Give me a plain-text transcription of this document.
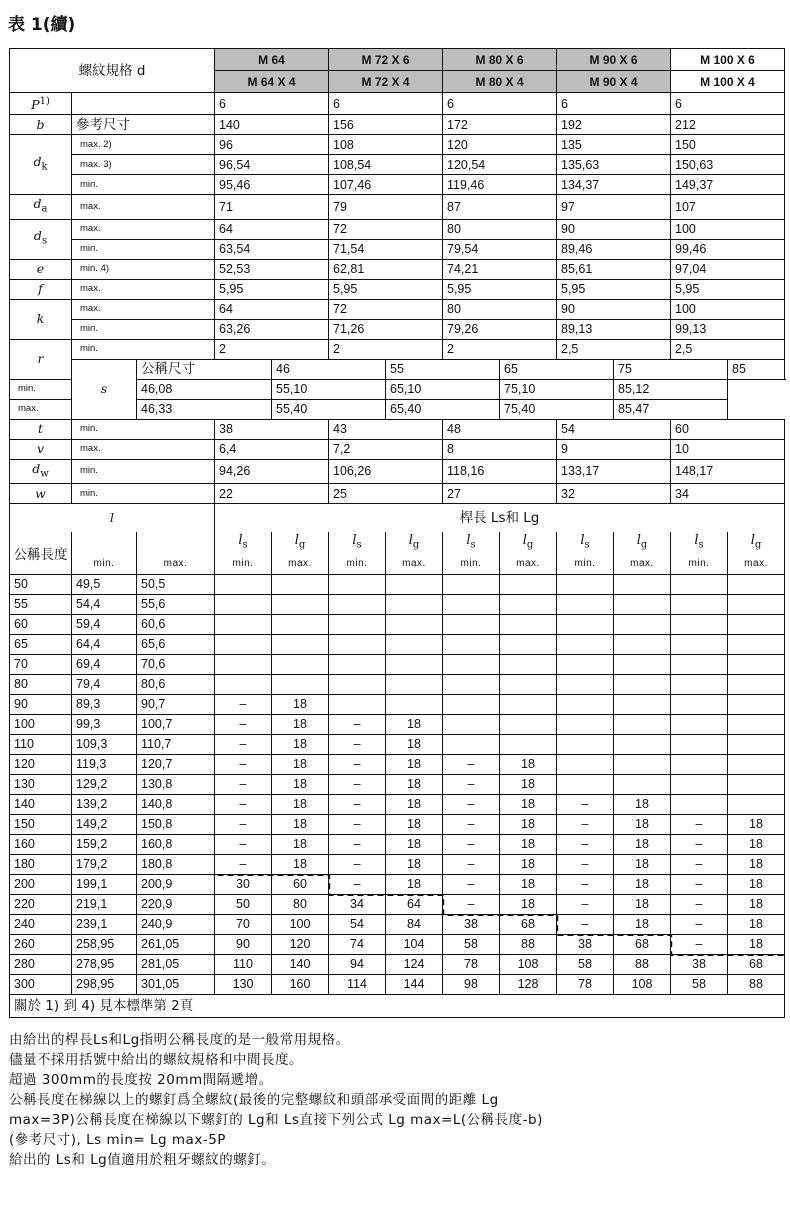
表 1(續)
螺紋規格 d			M 64		M 72 X 6		M 80 X 6		M 90 X 6		M 100 X 6	
			M 64 X 4		M 72 X 4		M 80 X 4		M 90 X 4		M 100 X 4	
$P^{1)}$			6		6		6		6		6	
b	參考尺寸		140		156		172		192		212	
$d_k$	max. 2)		96		108		120		135		150	
	max. 3)		96,54		108,54		120,54		135,63		150,63	
	min.		95,46		107,46		119,46		134,37		149,37	
$d_a$	max.		71		79		87		97		107	
$d_s$	max.		64		72		80		90		100	
	min.		63,54		71,54		79,54		89,46		99,46	
e	min. 4)		52,53		62,81		74,21		85,61		97,04	
f	max.		5,95		5,95		5,95		5,95		5,95	
k	max.		64		72		80		90		100	
	min.		63,26		71,26		79,26		89,13		99,13	
r	min.		2		2		2		2,5		2,5	
	s	公稱尺寸		46		55		65		75		85
min.		46,08		55,10		65,10		75,10		85,12		
max.		46,33		55,40		65,40		75,40		85,47		
t	min.		38		43		48		54		60	
v	max.		6,4		7,2		8		9		10	
$d_w$	min.		94,26		106,26		118,16		133,17		148,17	
w	min.		22		25		27		32		34	
l			桿長 Ls和 Lg									
公稱長度			$l_s$	$l_g$	$l_s$	$l_g$	$l_s$	$l_g$	$l_s$	$l_g$	$l_s$	$l_g$
	min.	max.	min.	max.	min.	max.	min.	max.	min.	max.	min.	max.
50	49,5	50,5										
55	54,4	55,6										
60	59,4	60,6										
65	64,4	65,6										
70	69,4	70,6										
80	79,4	80,6										
90	89,3	90,7	–	18								
100	99,3	100,7	–	18	–	18						
110	109,3	110,7	–	18	–	18						
120	119,3	120,7	–	18	–	18	–	18				
130	129,2	130,8	–	18	–	18	–	18				
140	139,2	140,8	–	18	–	18	–	18	–	18		
150	149,2	150,8	–	18	–	18	–	18	–	18	–	18
160	159,2	160,8	–	18	–	18	–	18	–	18	–	18
180	179,2	180,8	–	18	–	18	–	18	–	18	–	18
200	199,1	200,9	30	60	–	18	–	18	–	18	–	18
220	219,1	220,9	50	80	34	64	–	18	–	18	–	18
240	239,1	240,9	70	100	54	84	38	68	–	18	–	18
260	258,95	261,05	90	120	74	104	58	88	38	68	–	18
280	278,95	281,05	110	140	94	124	78	108	58	88	38	68
300	298,95	301,05	130	160	114	144	98	128	78	108	58	88
關於 1) 到 4) 見本標準第 2頁												
由給出的桿長Ls和Lg指明公稱長度的是一般常用規格。
儘量不採用括號中給出的螺紋規格和中間長度。
超過 300mm的長度按 20mm間隔遞增。
公稱長度在梯線以上的螺釘爲全螺紋(最後的完整螺紋和頭部承受面間的距離 Lg
max=3P)公稱長度在梯線以下螺釘的 Lg和 Ls直接下列公式 Lg max=L(公稱長度-b)
(參考尺寸), Ls min= Lg max-5P
給出的 Ls和 Lg值適用於粗牙螺紋的螺釘。
